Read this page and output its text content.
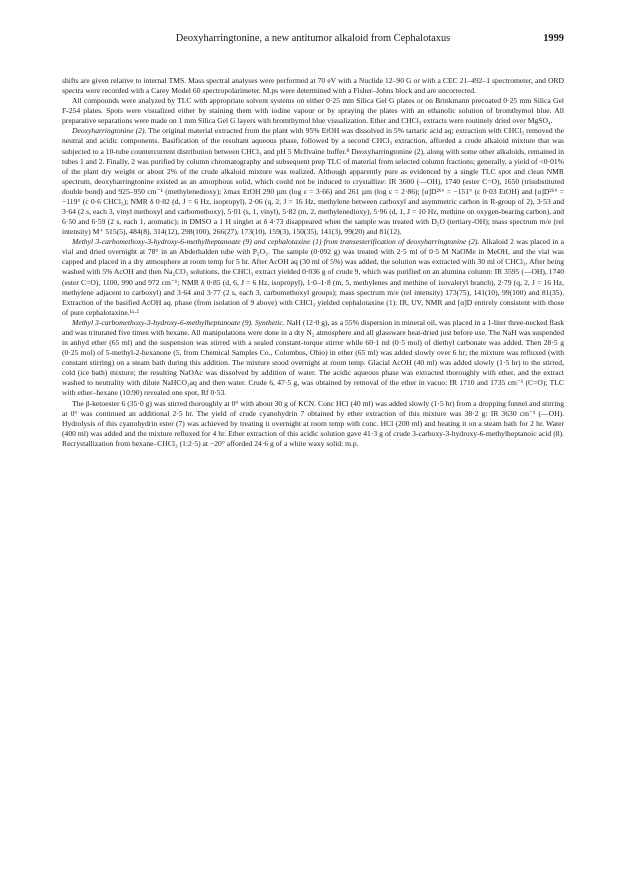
Deoxyharringtonine, a new antitumor alkaloid from Cephalotaxus	1999

shifts are given relative to internal TMS. Mass spectral analyses were performed at 70 eV with a Nuclide 12–90 G or with a CEC 21–492–1 spectrometer, and ORD spectra were recorded with a Carey Model 60 spectropolarimeter. M.ps were determined with a Fisher–Johns block and are uncorrected.

All compounds were analyzed by TLC with appropriate solvent systems on either 0·25 mm Silica Gel G plates or on Brinkmann precoated 0·25 mm Silica Gel F-254 plates. Spots were visualized either by staining them with iodine vapour or by spraying the plates with an ethanolic solution of bromthymol blue. All preparative separations were made on 1 mm Silica Gel G layers with bromthymol blue visualization. Ether and CHCl₃ extracts were routinely dried over MgSO₄.

Deoxyharringtonine (2). The original material extracted from the plant with 95% EtOH was dissolved in 5% tartaric acid aq; extraction with CHCl₃ removed the neutral and acidic components. Basification of the resultant aqueous phase, followed by a second CHCl₃ extraction, afforded a crude alkaloid mixture that was subjected to a 10-tube countercurrent distribution between CHCl₃ and pH 5 McIlvaine buffer.⁸ Deoxyharringtonine (2), along with some other alkaloids, remained in tubes 1 and 2. Finally, 2 was purified by column chromatography and subsequent prep TLC of material from selected column fractions; generally, a yield of <0·01% of the plant dry weight or about 2% of the crude alkaloid mixture was realized. Although apparently pure as evidenced by a single TLC spot and clean NMR spectrum, deoxyharringtonine existed as an amorphous solid, which could not be induced to crystallize: IR 3600 (—OH), 1740 (ester C=O), 1650 (trisubstituted double bond) and 925–950 cm⁻¹ (methylenedioxy); λmax EtOH 290 µm (log ε = 3·66) and 261 µm (log ε = 2·86); [α]D²⁶° = −151° (c 0·03 EtOH) and [α]D²⁶° = −119° (c 0·6 CHCl₃); NMR δ 0·82 (d, J = 6 Hz, isopropyl), 2·06 (q, 2, J = 16 Hz, methylene between carboxyl and asymmetric carbon in R-group of 2), 3·53 and 3·64 (2 s, each 3, vinyl methoxyl and carbomethoxy), 5·01 (s, 1, vinyl), 5·82 (m, 2, methylenedioxy), 5·96 (d, 1, J = 10 Hz, methine on oxygen-bearing carbon), and 6·50 and 6·59 (2 s, each 1, aromatic); in DMSO a 1 H singlet at δ 4·73 disappeared when the sample was treated with D₂O (tertiary-OH); mass spectrum m/e (rel intensity) M⁺ 515(5), 484(8), 314(12), 298(100), 266(27), 173(10), 159(3), 150(35), 141(3), 99(20) and 81(12).

Methyl 3-carbomethoxy-3-hydroxy-6-methylheptanoate (9) and cephalotaxine (1) from transesterification of deoxyharringtonine (2). Alkaloid 2 was placed in a vial and dried overnight at 78° in an Abderhalden tube with P₂O₅. The sample (0·092 g) was treated with 2·5 ml of 0·5 M NaOMe in MeOH, and the vial was capped and placed in a dry atmosphere at room temp for 5 hr. After AcOH aq (30 ml of 5%) was added, the solution was extracted with 30 ml of CHCl₃. After being washed with 5% AcOH and then Na₂CO₃ solutions, the CHCl₃ extract yielded 0·036 g of crude 9, which was purified on an alumina column: IR 3595 (—OH), 1740 (ester C=O), 1100, 990 and 972 cm⁻¹; NMR δ 0·85 (d, 6, J = 6 Hz, isopropyl), 1·0–1·8 (m, 5, methylenes and methine of isovaleryl branch), 2·79 (q, 2, J = 16 Hz, methylene adjacent to carboxyl) and 3·64 and 3·77 (2 s, each 3, carbomethoxyl groups); mass spectrum m/e (rel intensity) 173(75), 141(10), 99(100) and 81(35). Extraction of the basified AcOH aq. phase (from isolation of 9 above) with CHCl₃ yielded cephalotaxine (1): IR, UV, NMR and [α]D entirely consistent with those of pure cephalotaxine.¹ᵃ·²

Methyl 3-carbomethoxy-3-hydroxy-6-methylheptanoate (9). Synthetic. NaH (12·0 g), as a 55% dispersion in mineral oil, was placed in a 1-liter three-necked flask and was triturated five times with hexane. All manipulations were done in a dry N₂ atmosphere and all glassware heat-dried just before use. The NaH was suspended in anhyd ether (65 ml) and the suspension was stirred with a sealed constant-torque stirrer while 60·1 ml (0·5 mol) of diethyl carbonate was added. Then 28·5 g (0·25 mol) of 5-methyl-2-hexanone (5, from Chemical Samples Co., Columbus, Ohio) in ether (65 ml) was added slowly over 6 hr; the mixture was refluxed (with constant stirring) on a steam bath during this addition. The mixture stood overnight at room temp. Glacial AcOH (40 ml) was added slowly (1·5 hr) to the stirred, cold (ice bath) mixture; the resulting NaOAc was dissolved by addition of water. The acidic aqueous phase was extracted thoroughly with ether, and the extract washed to neutrality with dilute NaHCO₃aq and then water. Crude 6, 47·5 g, was obtained by removal of the ether in vacuo: IR 1710 and 1735 cm⁻¹ (C=O); TLC with ether–hexane (10:90) revealed one spot, Rf 0·53.

The β-ketoester 6 (35·0 g) was stirred thoroughly at 0° with about 30 g of KCN. Conc HCl (40 ml) was added slowly (1·5 hr) from a dropping funnel and stirring at 0° was continued an additional 2·5 hr. The yield of crude cyanohydrin 7 obtained by ether extraction of this mixture was 38·2 g: IR 3630 cm⁻¹ (—OH). Hydrolysis of this cyanohydrin ester (7) was achieved by treating it overnight at room temp with conc. HCl (200 ml) and heating it on a steam bath for 2 hr. Water (400 ml) was added and the mixture refluxed for 4 hr. Ether extraction of this acidic solution gave 41·3 g of crude 3-carboxy-3-hydroxy-6-methylheptanoic acid (8). Recrystallization from hexane–CHCl₃ (1:2·5) at −20° afforded 24·6 g of a white waxy solid: m.p.
